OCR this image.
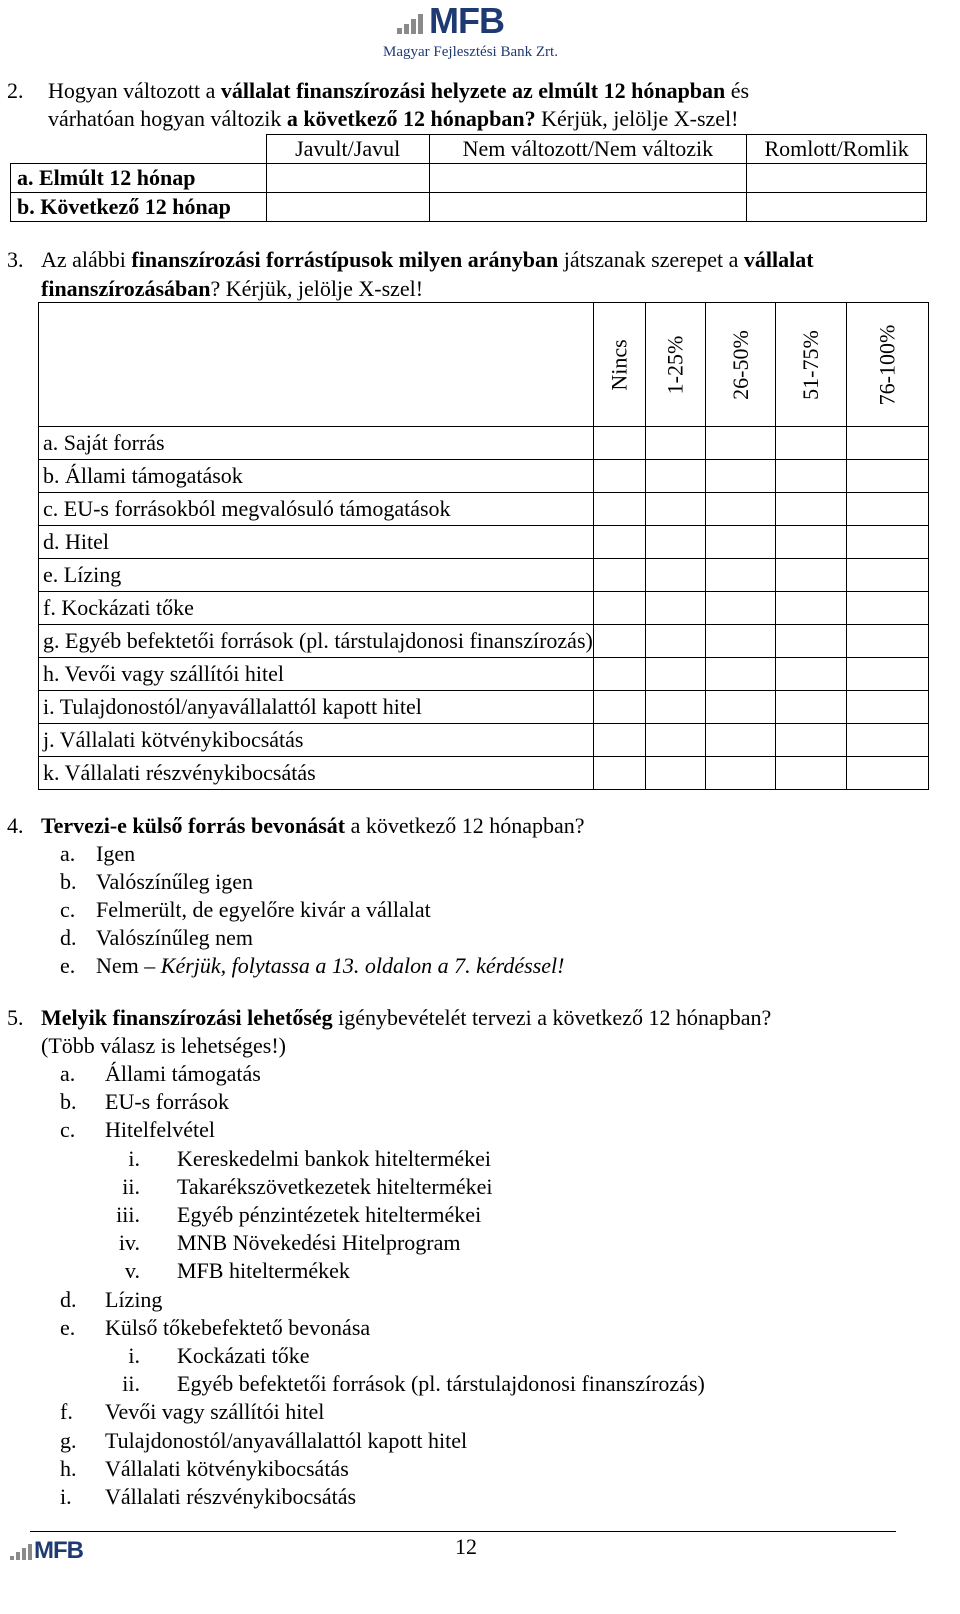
MFB
Magyar Fejlesztési Bank Zrt.
2. Hogyan változott a vállalat finanszírozási helyzete az elmúlt 12 hónapban és
várhatóan hogyan változik a következő 12 hónapban? Kérjük, jelölje X-szel!
	Javult/Javul	Nem változott/Nem változik	Romlott/Romlik
a. Elmúlt 12 hónap			
b. Következő 12 hónap			
3. Az alábbi finanszírozási forrástípusok milyen arányban játszanak szerepet a vállalat
finanszírozásában? Kérjük, jelölje X-szel!
	Nincs	1-25%	26-50%	51-75%	76-100%
a. Saját forrás					
b. Állami támogatások					
c. EU-s forrásokból megvalósuló támogatások					
d. Hitel					
e. Lízing					
f. Kockázati tőke					
g. Egyéb befektetői források (pl. társtulajdonosi finanszírozás)					
h. Vevői vagy szállítói hitel					
i. Tulajdonostól/anyavállalattól kapott hitel					
j. Vállalati kötvénykibocsátás					
k. Vállalati részvénykibocsátás					
4. Tervezi-e külső forrás bevonását a következő 12 hónapban?
a. Igen
b. Valószínűleg igen
c. Felmerült, de egyelőre kivár a vállalat
d. Valószínűleg nem
e. Nem – Kérjük, folytassa a 13. oldalon a 7. kérdéssel!
5. Melyik finanszírozási lehetőség igénybevételét tervezi a következő 12 hónapban?
(Több válasz is lehetséges!)
a. Állami támogatás
b. EU-s források
c. Hitelfelvétel
i. Kereskedelmi bankok hiteltermékei
ii. Takarékszövetkezetek hiteltermékei
iii. Egyéb pénzintézetek hiteltermékei
iv. MNB Növekedési Hitelprogram
v. MFB hiteltermékek
d. Lízing
e. Külső tőkebefektető bevonása
i. Kockázati tőke
ii. Egyéb befektetői források (pl. társtulajdonosi finanszírozás)
f. Vevői vagy szállítói hitel
g. Tulajdonostól/anyavállalattól kapott hitel
h. Vállalati kötvénykibocsátás
i. Vállalati részvénykibocsátás
MFB	12
